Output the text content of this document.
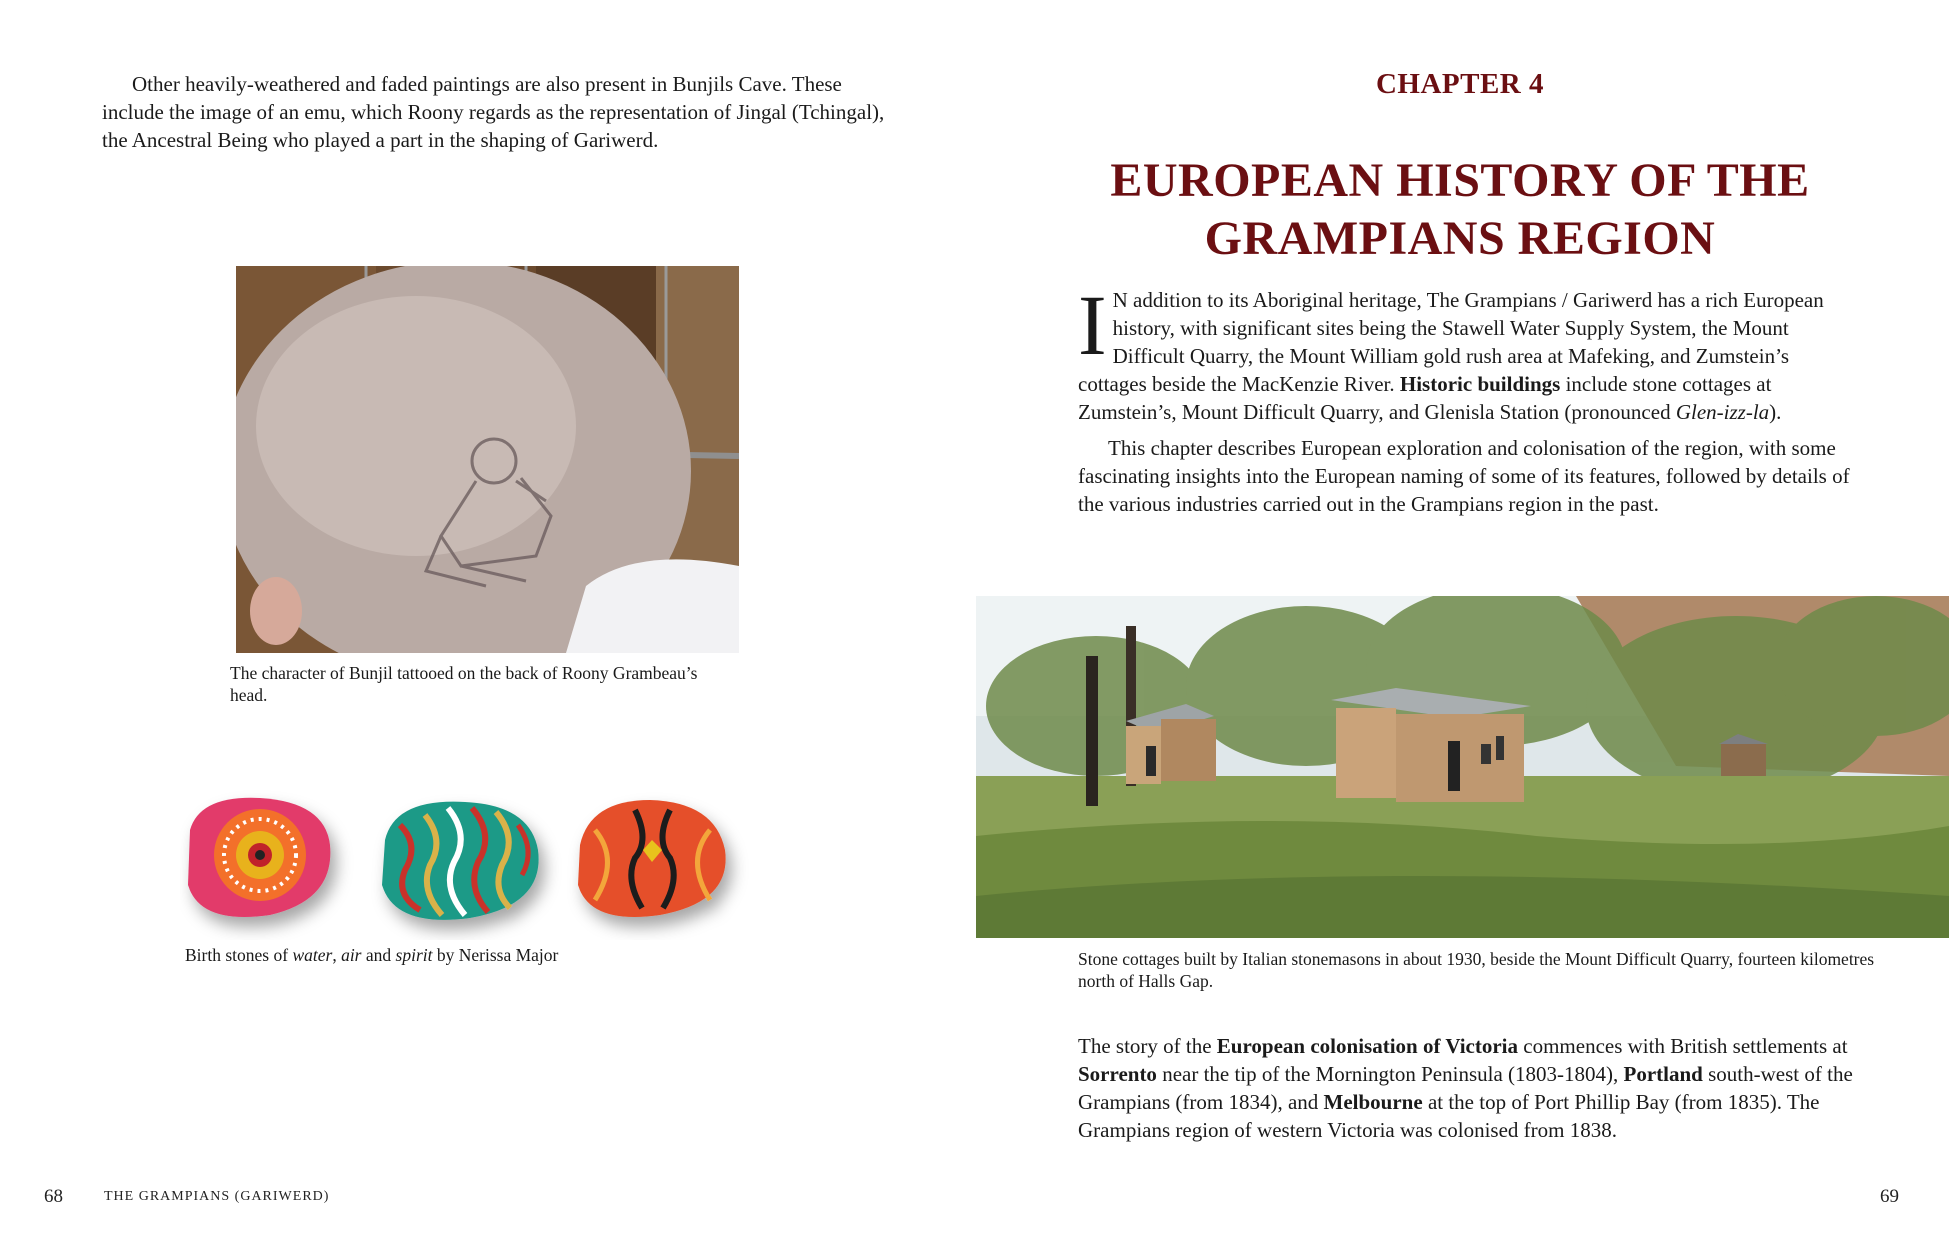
Other heavily-weathered and faded paintings are also present in Bunjils Cave. These include the image of an emu, which Roony regards as the representation of Jingal (Tchingal), the Ancestral Being who played a part in the shaping of Gariwerd.

The character of Bunjil tattooed on the back of Roony Grambeau’s head.

Birth stones of water, air and spirit by Nerissa Major

CHAPTER 4
EUROPEAN HISTORY OF THE
GRAMPIANS REGION

I N addition to its Aboriginal heritage, The Grampians / Gariwerd has a rich European history, with significant sites being the Stawell Water Supply System, the Mount Difficult Quarry, the Mount William gold rush area at Mafeking, and Zumstein’s cottages beside the MacKenzie River. Historic buildings include stone cottages at Zumstein’s, Mount Difficult Quarry, and Glenisla Station (pronounced Glen-izz-la).

This chapter describes European exploration and colonisation of the region, with some fascinating insights into the European naming of some of its features, followed by details of the various industries carried out in the Grampians region in the past.

Stone cottages built by Italian stonemasons in about 1930, beside the Mount Difficult Quarry, fourteen kilometres north of Halls Gap.

The story of the European colonisation of Victoria commences with British settlements at Sorrento near the tip of the Mornington Peninsula (1803-1804), Portland south-west of the Grampians (from 1834), and Melbourne at the top of Port Phillip Bay (from 1835). The Grampians region of western Victoria was colonised from 1838.

68	THE GRAMPIANS (GARIWERD)	69
